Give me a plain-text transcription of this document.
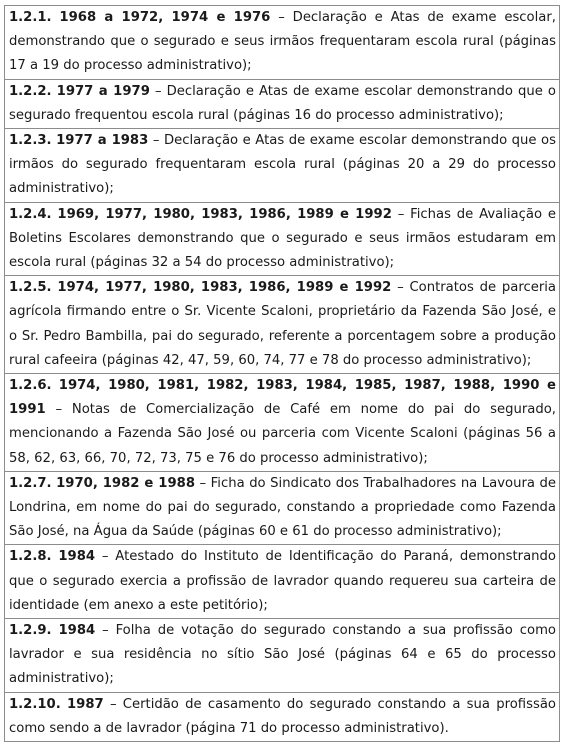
1.2.1. 1968 a 1972, 1974 e 1976 – Declaração e Atas de exame escolar, demonstrando que o segurado e seus irmãos frequentaram escola rural (páginas 17 a 19 do processo administrativo);
1.2.2. 1977 a 1979 – Declaração e Atas de exame escolar demonstrando que o segurado frequentou escola rural (páginas 16 do processo administrativo);
1.2.3. 1977 a 1983 – Declaração e Atas de exame escolar demonstrando que os irmãos do segurado frequentaram escola rural (páginas 20 a 29 do processo administrativo);
1.2.4. 1969, 1977, 1980, 1983, 1986, 1989 e 1992 – Fichas de Avaliação e Boletins Escolares demonstrando que o segurado e seus irmãos estudaram em escola rural (páginas 32 a 54 do processo administrativo);
1.2.5. 1974, 1977, 1980, 1983, 1986, 1989 e 1992 – Contratos de parceria agrícola firmando entre o Sr. Vicente Scaloni, proprietário da Fazenda São José, e o Sr. Pedro Bambilla, pai do segurado, referente a porcentagem sobre a produção rural cafeeira (páginas 42, 47, 59, 60, 74, 77 e 78 do processo administrativo);
1.2.6. 1974, 1980, 1981, 1982, 1983, 1984, 1985, 1987, 1988, 1990 e 1991 – Notas de Comercialização de Café em nome do pai do segurado, mencionando a Fazenda São José ou parceria com Vicente Scaloni (páginas 56 a 58, 62, 63, 66, 70, 72, 73, 75 e 76 do processo administrativo);
1.2.7. 1970, 1982 e 1988 – Ficha do Sindicato dos Trabalhadores na Lavoura de Londrina, em nome do pai do segurado, constando a propriedade como Fazenda São José, na Água da Saúde (páginas 60 e 61 do processo administrativo);
1.2.8. 1984 – Atestado do Instituto de Identificação do Paraná, demonstrando que o segurado exercia a profissão de lavrador quando requereu sua carteira de identidade (em anexo a este petitório);
1.2.9. 1984 – Folha de votação do segurado constando a sua profissão como lavrador e sua residência no sítio São José (páginas 64 e 65 do processo administrativo);
1.2.10. 1987 – Certidão de casamento do segurado constando a sua profissão como sendo a de lavrador (página 71 do processo administrativo).
